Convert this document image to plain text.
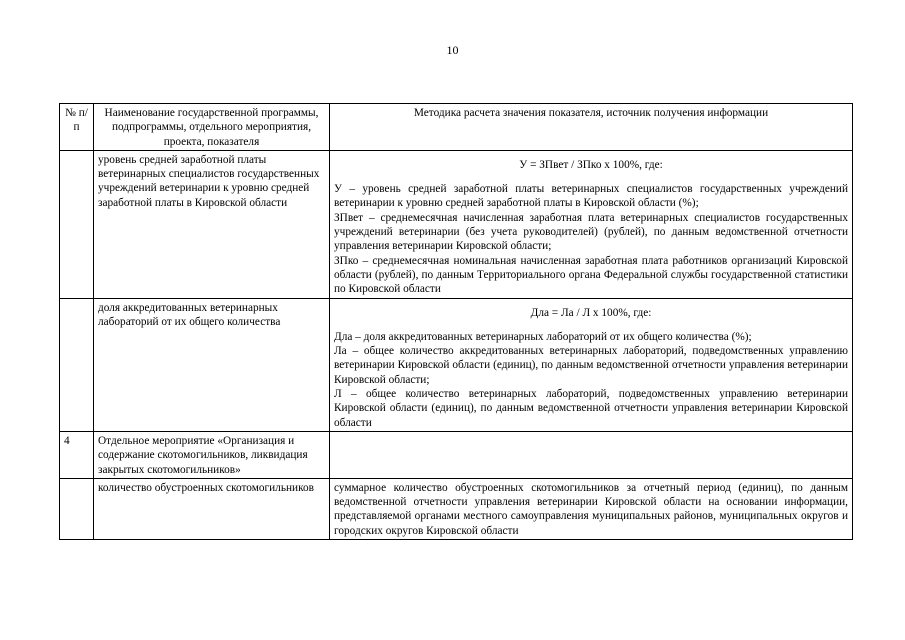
10
№ п/п	Наименование государственной программы, подпрограммы, отдельного мероприятия, проекта, показателя	Методика расчета значения показателя, источник получения информации
	уровень средней заработной платы ветеринарных специалистов государственных учреждений ветеринарии к уровню средней заработной платы в Кировской области	У = ЗПвет / ЗПко х 100%, где:

У – уровень средней заработной платы ветеринарных специалистов государственных учреждений ветеринарии к уровню средней заработной платы в Кировской области (%);

ЗПвет – среднемесячная начисленная заработная плата ветеринарных специалистов государственных учреждений ветеринарии (без учета руководителей) (рублей), по данным ведомственной отчетности управления ветеринарии Кировской области;

ЗПко – среднемесячная номинальная начисленная заработная плата работников организаций Кировской области (рублей), по данным Территориального органа Федеральной службы государственной статистики по Кировской области

	доля аккредитованных ветеринарных лабораторий от их общего количества	Дла = Ла / Л х 100%, где:

Дла – доля аккредитованных ветеринарных лабораторий от их общего количества (%);

Ла – общее количество аккредитованных ветеринарных лабораторий, подведомственных управлению ветеринарии Кировской области (единиц), по данным ведомственной отчетности управления ветеринарии Кировской области;

Л – общее количество ветеринарных лабораторий, подведомственных управлению ветеринарии Кировской области (единиц), по данным ведомственной отчетности управления ветеринарии Кировской области

4	Отдельное мероприятие «Организация и содержание скотомогильников, ликвидация закрытых скотомогильников»	
	количество обустроенных скотомогильников	суммарное количество обустроенных скотомогильников за отчетный период (единиц), по данным ведомственной отчетности управления ветеринарии Кировской области на основании информации, представляемой органами местного самоуправления муниципальных районов, муниципальных округов и городских округов Кировской области
